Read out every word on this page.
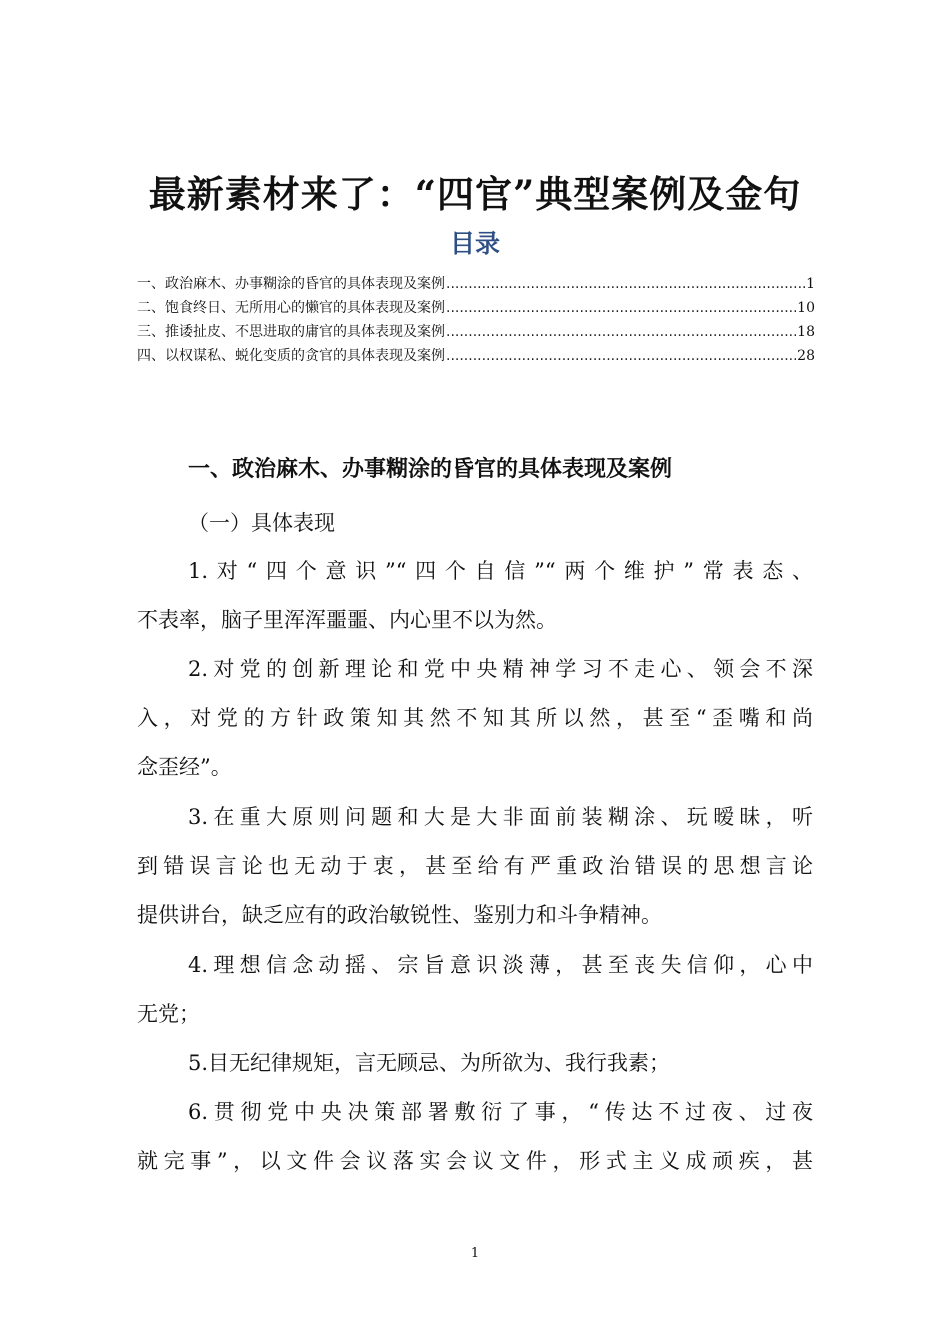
最新素材来了：“四官”典型案例及金句
目录
一、政治麻木、办事糊涂的昏官的具体表现及案例 .....	1
二、饱食终日、无所用心的懒官的具体表现及案例 .....	10
三、推诿扯皮、不思进取的庸官的具体表现及案例 .....	18
四、以权谋私、蜕化变质的贪官的具体表现及案例 .....	28
一、政治麻木、办事糊涂的昏官的具体表现及案例
（一）具体表现
1.对“四个意识”“四个自信”“两个维护”常表态、
不表率，脑子里浑浑噩噩、内心里不以为然。
2.对党的创新理论和党中央精神学习不走心、领会不深
入，对党的方针政策知其然不知其所以然，甚至“歪嘴和尚
念歪经”。
3.在重大原则问题和大是大非面前装糊涂、玩暧昧，听
到错误言论也无动于衷，甚至给有严重政治错误的思想言论
提供讲台，缺乏应有的政治敏锐性、鉴别力和斗争精神。
4.理想信念动摇、宗旨意识淡薄，甚至丧失信仰，心中
无党；
5.目无纪律规矩，言无顾忌、为所欲为、我行我素；
6.贯彻党中央决策部署敷衍了事，“传达不过夜、过夜
就完事”，以文件会议落实会议文件，形式主义成顽疾，甚
1
